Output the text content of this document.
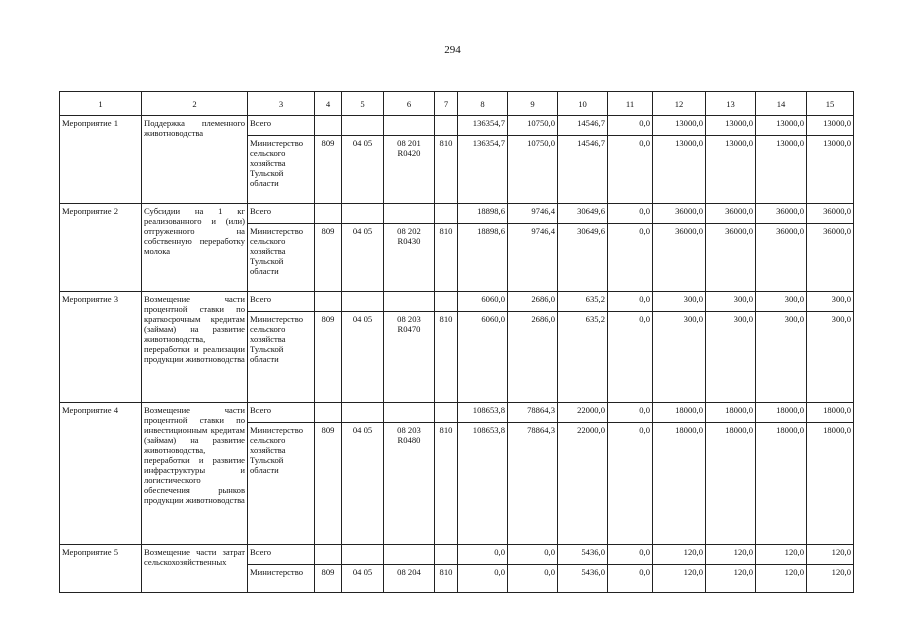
294
1	2	3	4	5	6	7	8	9	10	11	12	13	14	15
Мероприятие 1	Поддержка племенного животноводства	Всего					136354,7	10750,0	14546,7	0,0	13000,0	13000,0	13000,0	13000,0
		Министерство сельского хозяйства Тульской области	809	04 05	08 201 R0420	810	136354,7	10750,0	14546,7	0,0	13000,0	13000,0	13000,0	13000,0
Мероприятие 2	Субсидии на 1 кг реализованного и (или) отгруженного на собственную переработку молока	Всего					18898,6	9746,4	30649,6	0,0	36000,0	36000,0	36000,0	36000,0
		Министерство сельского хозяйства Тульской области	809	04 05	08 202 R0430	810	18898,6	9746,4	30649,6	0,0	36000,0	36000,0	36000,0	36000,0
Мероприятие 3	Возмещение части процентной ставки по краткосрочным кредитам (займам) на развитие животноводства, переработки и реализации продукции животноводства	Всего					6060,0	2686,0	635,2	0,0	300,0	300,0	300,0	300,0
		Министерство сельского хозяйства Тульской области	809	04 05	08 203 R0470	810	6060,0	2686,0	635,2	0,0	300,0	300,0	300,0	300,0
Мероприятие 4	Возмещение части процентной ставки по инвестиционным кредитам (займам) на развитие животноводства, переработки и развитие инфраструктуры и логистического обеспечения рынков продукции животноводства	Всего					108653,8	78864,3	22000,0	0,0	18000,0	18000,0	18000,0	18000,0
		Министерство сельского хозяйства Тульской области	809	04 05	08 203 R0480	810	108653,8	78864,3	22000,0	0,0	18000,0	18000,0	18000,0	18000,0
Мероприятие 5	Возмещение части затрат сельскохозяйственных	Всего					0,0	0,0	5436,0	0,0	120,0	120,0	120,0	120,0
		Министерство	809	04 05	08 204	810	0,0	0,0	5436,0	0,0	120,0	120,0	120,0	120,0
